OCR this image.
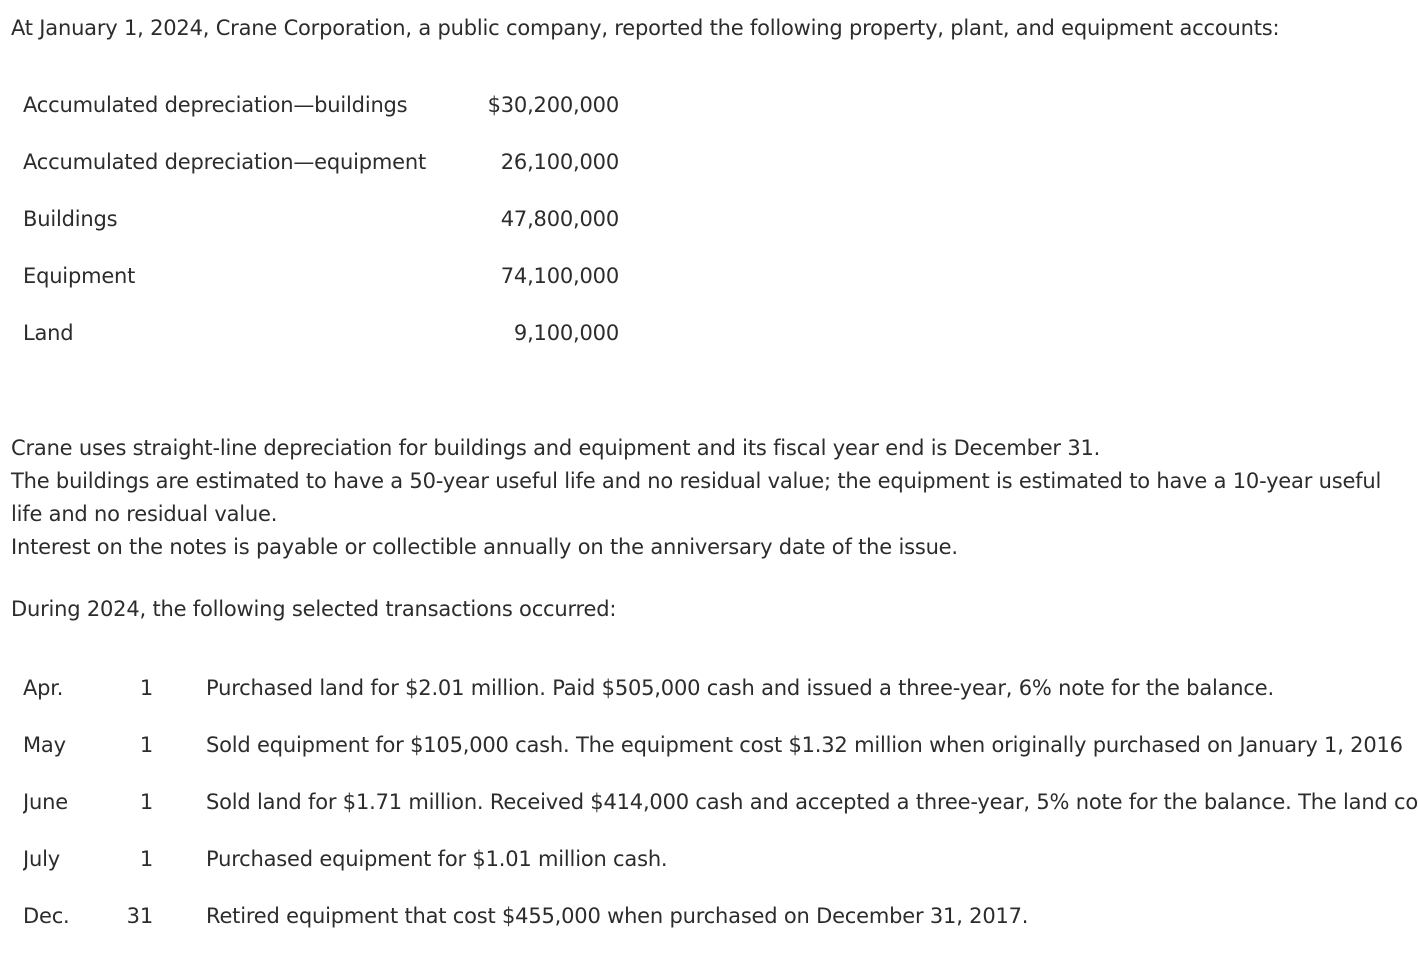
At January 1, 2024, Crane Corporation, a public company, reported the following property, plant, and equipment accounts:

Accumulated depreciation—buildings	$30,200,000
Accumulated depreciation—equipment	26,100,000
Buildings	47,800,000
Equipment	74,100,000
Land	9,100,000

Crane uses straight-line depreciation for buildings and equipment and its fiscal year end is December 31.

The buildings are estimated to have a 50-year useful life and no residual value; the equipment is estimated to have a 10-year useful life and no residual value.

Interest on the notes is payable or collectible annually on the anniversary date of the issue.

During 2024, the following selected transactions occurred:

Apr.	1	Purchased land for $2.01 million. Paid $505,000 cash and issued a three-year, 6% note for the balance.
May	1	Sold equipment for $105,000 cash. The equipment cost $1.32 million when originally purchased on January 1, 2016
June	1	Sold land for $1.71 million. Received $414,000 cash and accepted a three-year, 5% note for the balance. The land co
July	1	Purchased equipment for $1.01 million cash.
Dec.	31	Retired equipment that cost $455,000 when purchased on December 31, 2017.
